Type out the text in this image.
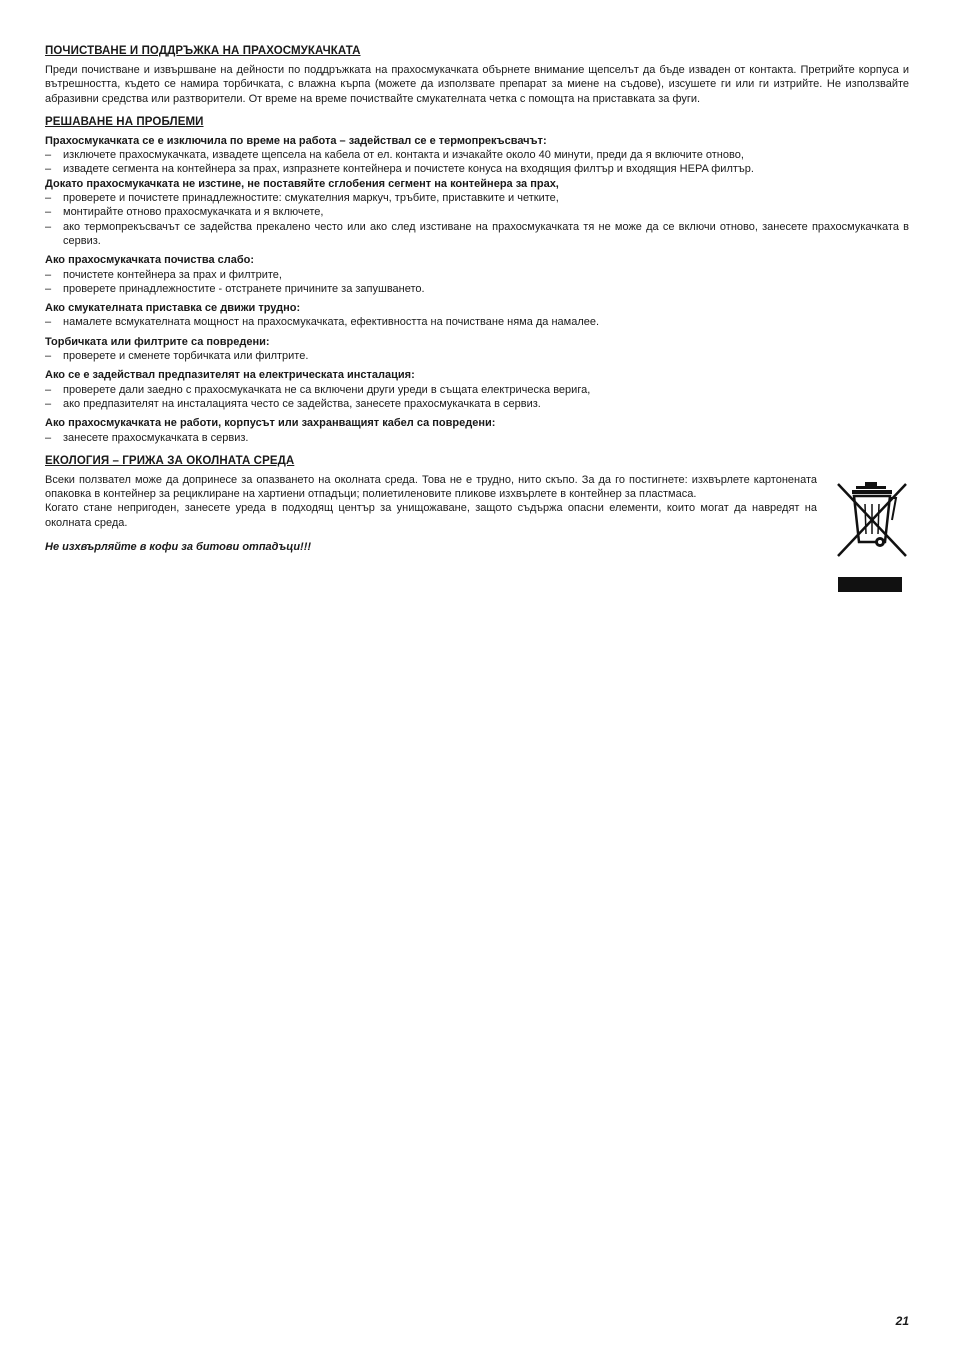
ПОЧИСТВАНЕ И ПОДДРЪЖКА НА ПРАХОСМУКАЧКАТА

Преди почистване и извършване на дейности по поддръжката на прахосмукачката обърнете внимание щепселът да бъде изваден от контакта. Претрийте корпуса и вътрешността, където се намира торбичката, с влажна кърпа (можете да използвате препарат за миене на съдове), изсушете ги или ги изтрийте. Не използвайте абразивни средства или разтворители. От време на време почиствайте смукателната четка с помощта на приставката за фуги.

РЕШАВАНЕ НА ПРОБЛЕМИ

Прахосмукачката се е изключила по време на работа – задействал се е термопрекъсвачът:

– изключете прахосмукачката, извадете щепсела на кабела от ел. контакта и изчакайте около 40 минути, преди да я включите отново,
– извадете сегмента на контейнера за прах, изпразнете контейнера и почистете конуса на входящия филтър и входящия HEPA филтър.

Докато прахосмукачката не изстине, не поставяйте сглобения сегмент на контейнера за прах,

– проверете и почистете принадлежностите: смукателния маркуч, тръбите, приставките и четките,
– монтирайте отново прахосмукачката и я включете,
– ако термопрекъсвачът се задейства прекалено често или ако след изстиване на прахосмукачката тя не може да се включи отново, занесете прахосмукачката в сервиз.

Ако прахосмукачката почиства слабо:

– почистете контейнера за прах и филтрите,
– проверете принадлежностите - отстранете причините за запушването.

Ако смукателната приставка се движи трудно:

– намалете всмукателната мощност на прахосмукачката, ефективността на почистване няма да намалее.

Торбичката или филтрите са повредени:

– проверете и сменете торбичката или филтрите.

Ако се е задействал предпазителят на електрическата инсталация:

– проверете дали заедно с прахосмукачката не са включени други уреди в същата електрическа верига,
– ако предпазителят на инсталацията често се задейства, занесете прахосмукачката в сервиз.

Ако прахосмукачката не работи, корпусът или захранващият кабел са повредени:

– занесете прахосмукачката в сервиз.
ЕКОЛОГИЯ – ГРИЖА ЗА ОКОЛНАТА СРЕДА

Всеки ползвател може да допринесе за опазването на околната среда. Това не е трудно, нито скъпо. За да го постигнете: изхвърлете картонената опаковка в контейнер за рециклиране на хартиени отпадъци; полиетиленовите пликове изхвърлете в контейнер за пластмаса.

Когато стане непригоден, занесете уреда в подходящ център за унищожаване, защото съдържа опасни елементи, които могат да навредят на околната среда.

Не изхвърляйте в кофи за битови отпадъци!!!

21
